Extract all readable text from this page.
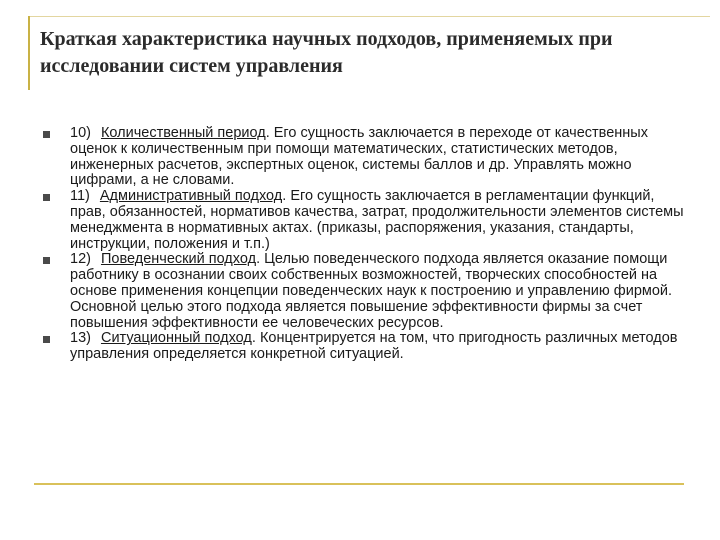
Краткая характеристика научных подходов, применяемых при исследовании систем управления
10) Количественный период. Его сущность заключается в переходе от качественных оценок к количественным при помощи математических, статистических методов, инженерных расчетов, экспертных оценок, системы баллов и др. Управлять можно цифрами, а не словами.
11) Административный подход. Его сущность заключается в регламентации функций, прав, обязанностей, нормативов качества, затрат, продолжительности элементов системы менеджмента в нормативных актах. (приказы, распоряжения, указания, стандарты, инструкции, положения и т.п.)
12) Поведенческий подход. Целью поведенческого подхода является оказание помощи работнику в осознании своих собственных возможностей, творческих способностей на основе применения концепции поведенческих наук к построению и управлению фирмой. Основной целью этого подхода является повышение эффективности фирмы за счет повышения эффективности ее человеческих ресурсов.
13) Ситуационный подход. Концентрируется на том, что пригодность различных методов управления определяется конкретной ситуацией.
